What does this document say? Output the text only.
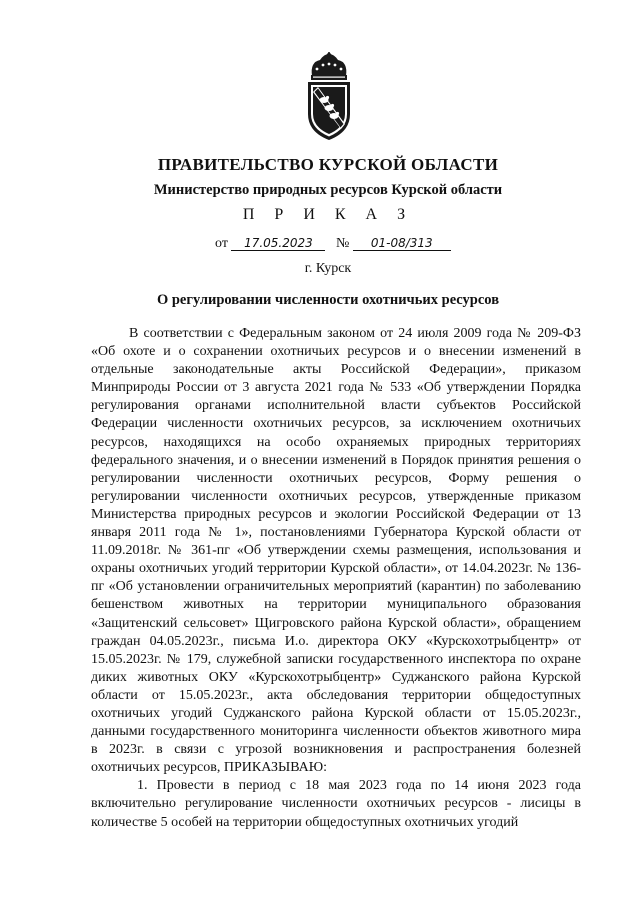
ПРАВИТЕЛЬСТВО КУРСКОЙ ОБЛАСТИ
Министерство природных ресурсов Курской области
П Р И К А З
от 17.05.2023 № 01-08/313
г. Курск
О регулировании численности охотничьих ресурсов

В соответствии с Федеральным законом от 24 июля 2009 года № 209-ФЗ «Об охоте и о сохранении охотничьих ресурсов и о внесении изменений в отдельные законодательные акты Российской Федерации», приказом Минприроды России от 3 августа 2021 года № 533 «Об утверждении Порядка регулирования органами исполнительной власти субъектов Российской Федерации численности охотничьих ресурсов, за исключением охотничьих ресурсов, находящихся на особо охраняемых природных территориях федерального значения, и о внесении изменений в Порядок принятия решения о регулировании численности охотничьих ресурсов, Форму решения о регулировании численности охотничьих ресурсов, утвержденные приказом Министерства природных ресурсов и экологии Российской Федерации от 13 января 2011 года № 1», постановлениями Губернатора Курской области от 11.09.2018г. № 361-пг «Об утверждении схемы размещения, использования и охраны охотничьих угодий территории Курской области», от 14.04.2023г. № 136-пг «Об установлении ограничительных мероприятий (карантин) по заболеванию бешенством животных на территории муниципального образования «Защитенский сельсовет» Щигровского района Курской области», обращением граждан 04.05.2023г., письма И.о. директора ОКУ «Курскохотрыбцентр» от 15.05.2023г. № 179, служебной записки государственного инспектора по охране диких животных ОКУ «Курскохотрыбцентр» Суджанского района Курской области от 15.05.2023г., акта обследования территории общедоступных охотничьих угодий Суджанского района Курской области от 15.05.2023г., данными государственного мониторинга численности объектов животного мира в 2023г. в связи с угрозой возникновения и распространения болезней охотничьих ресурсов, ПРИКАЗЫВАЮ:

1. Провести в период с 18 мая 2023 года по 14 июня 2023 года включительно регулирование численности охотничьих ресурсов - лисицы в количестве 5 особей на территории общедоступных охотничьих угодий
